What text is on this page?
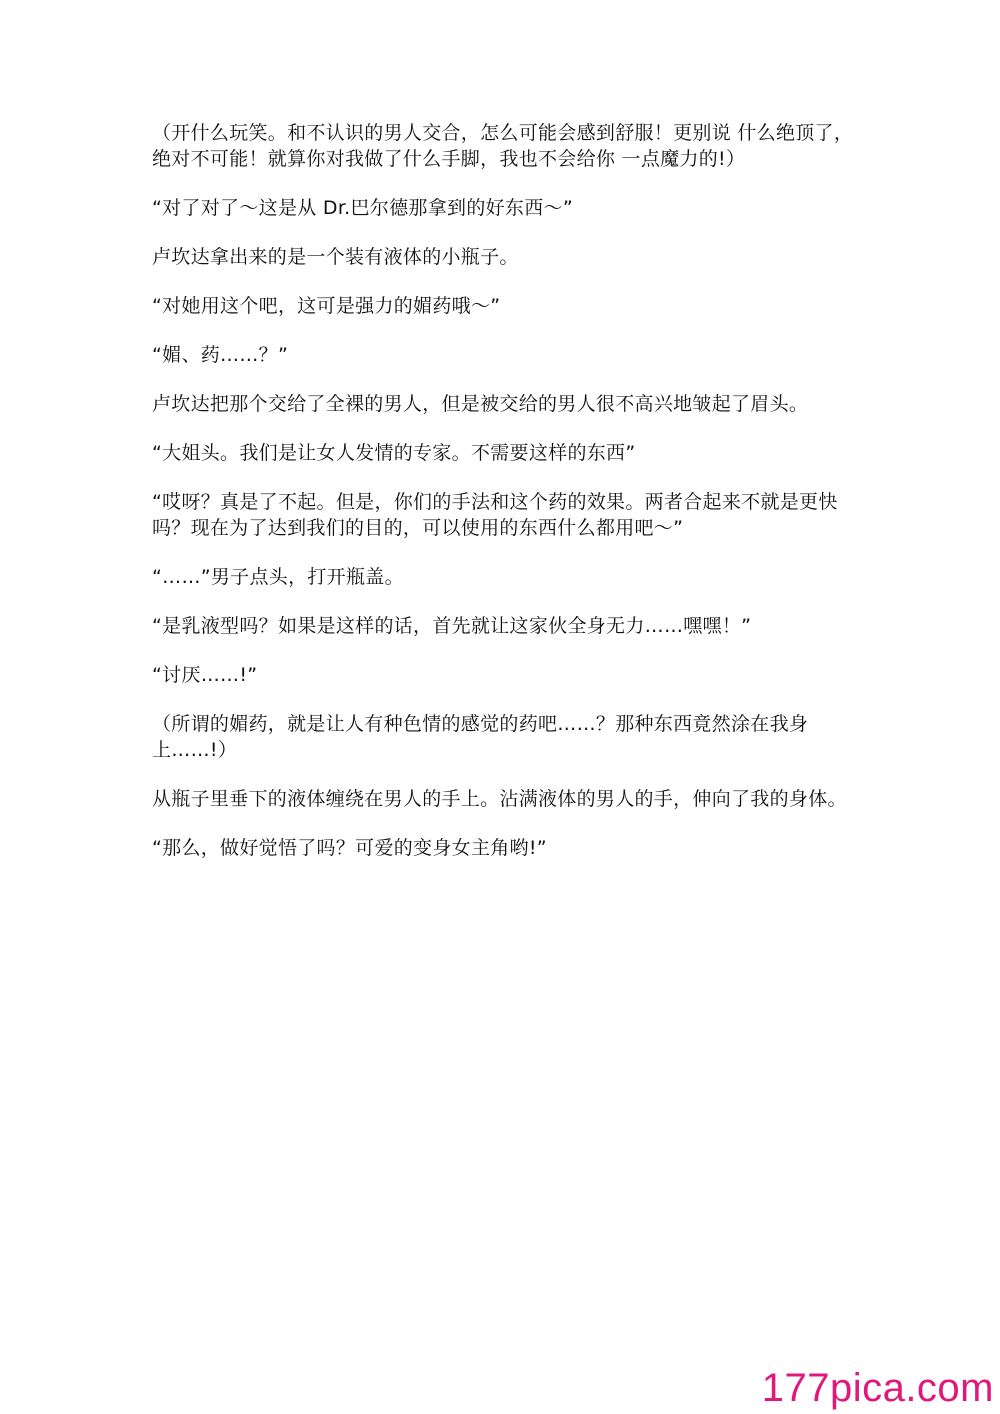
（开什么玩笑。和不认识的男人交合，怎么可能会感到舒服！更别说 什么绝顶了，绝对不可能！就算你对我做了什么手脚，我也不会给你 一点魔力的!）

“对了对了～这是从 Dr.巴尔德那拿到的好东西～”

卢坎达拿出来的是一个装有液体的小瓶子。

“对她用这个吧，这可是强力的媚药哦～”

“媚、药……？”

卢坎达把那个交给了全裸的男人，但是被交给的男人很不高兴地皱起了眉头。

“大姐头。我们是让女人发情的专家。不需要这样的东西”

“哎呀？真是了不起。但是，你们的手法和这个药的效果。两者合起来不就是更快吗？现在为了达到我们的目的，可以使用的东西什么都用吧～”

“……”男子点头，打开瓶盖。

“是乳液型吗？如果是这样的话，首先就让这家伙全身无力……嘿嘿！”

“讨厌……!”

（所谓的媚药，就是让人有种色情的感觉的药吧……？那种东西竟然涂在我身上……!）

从瓶子里垂下的液体缠绕在男人的手上。沾满液体的男人的手，伸向了我的身体。

“那么，做好觉悟了吗？可爱的变身女主角哟!”

177pica.com
